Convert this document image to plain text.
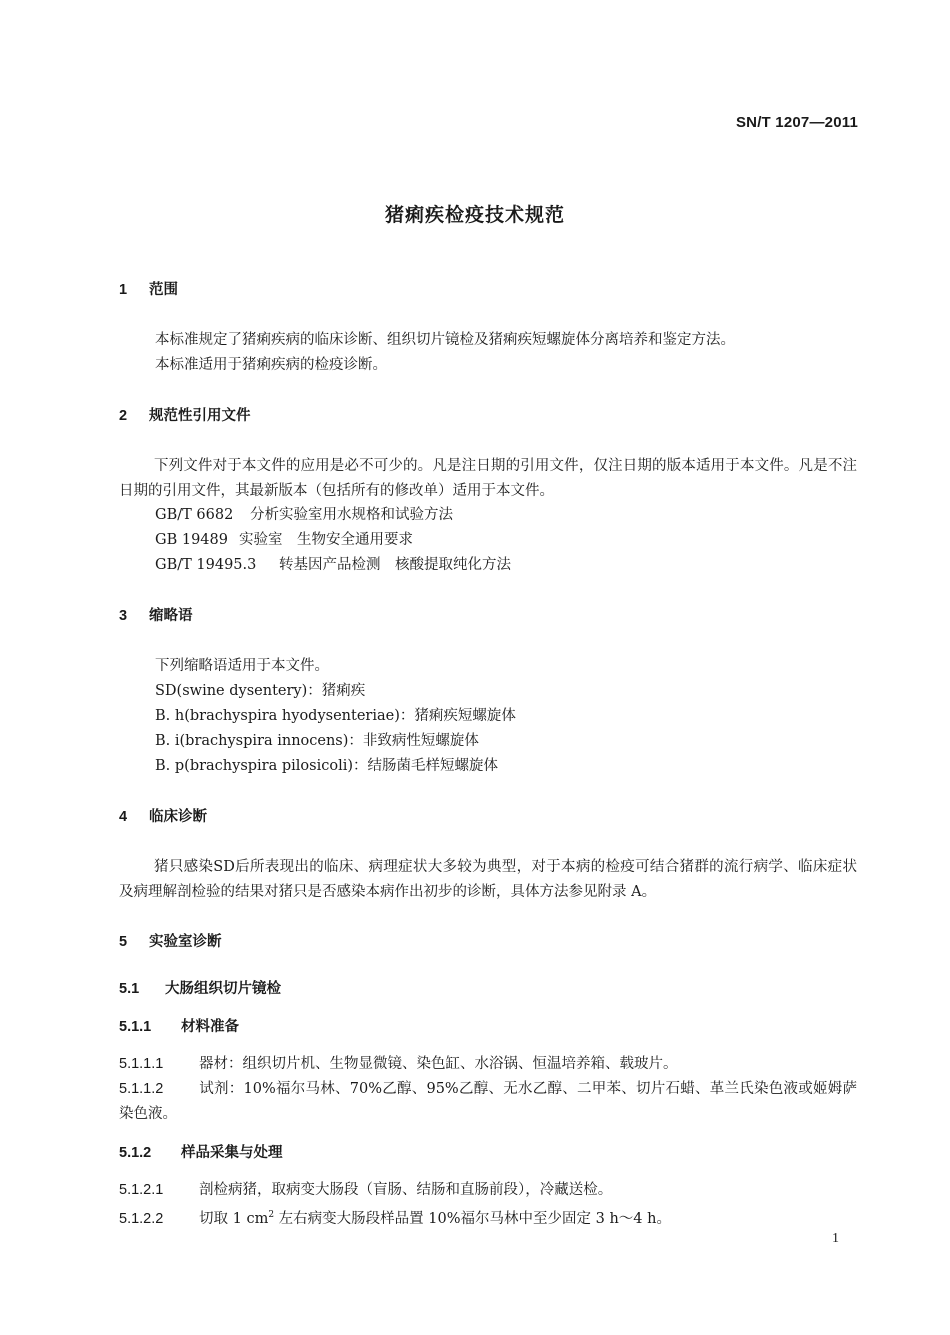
SN/T 1207—2011
猪痢疾检疫技术规范
1 范围
本标准规定了猪痢疾病的临床诊断、组织切片镜检及猪痢疾短螺旋体分离培养和鉴定方法。
本标准适用于猪痢疾病的检疫诊断。
2 规范性引用文件
下列文件对于本文件的应用是必不可少的。凡是注日期的引用文件，仅注日期的版本适用于本文件。凡是不注日期的引用文件，其最新版本（包括所有的修改单）适用于本文件。
GB/T 6682 分析实验室用水规格和试验方法
GB 19489 实验室　生物安全通用要求
GB/T 19495.3 转基因产品检测　核酸提取纯化方法
3 缩略语
下列缩略语适用于本文件。
SD(swine dysentery)：猪痢疾
B. h(brachyspira hyodysenteriae)：猪痢疾短螺旋体
B. i(brachyspira innocens)：非致病性短螺旋体
B. p(brachyspira pilosicoli)：结肠菌毛样短螺旋体
4 临床诊断
猪只感染SD后所表现出的临床、病理症状大多较为典型，对于本病的检疫可结合猪群的流行病学、临床症状及病理解剖检验的结果对猪只是否感染本病作出初步的诊断，具体方法参见附录 A。
5 实验室诊断
5.1 大肠组织切片镜检
5.1.1 材料准备
5.1.1.1 器材：组织切片机、生物显微镜、染色缸、水浴锅、恒温培养箱、载玻片。
5.1.1.2 试剂：10%福尔马林、70%乙醇、95%乙醇、无水乙醇、二甲苯、切片石蜡、革兰氏染色液或姬姆萨染色液。
5.1.2 样品采集与处理
5.1.2.1 剖检病猪，取病变大肠段（盲肠、结肠和直肠前段），冷藏送检。
5.1.2.2 切取 1 $cm^2$ 左右病变大肠段样品置 10%福尔马林中至少固定 3 h～4 h。
1
